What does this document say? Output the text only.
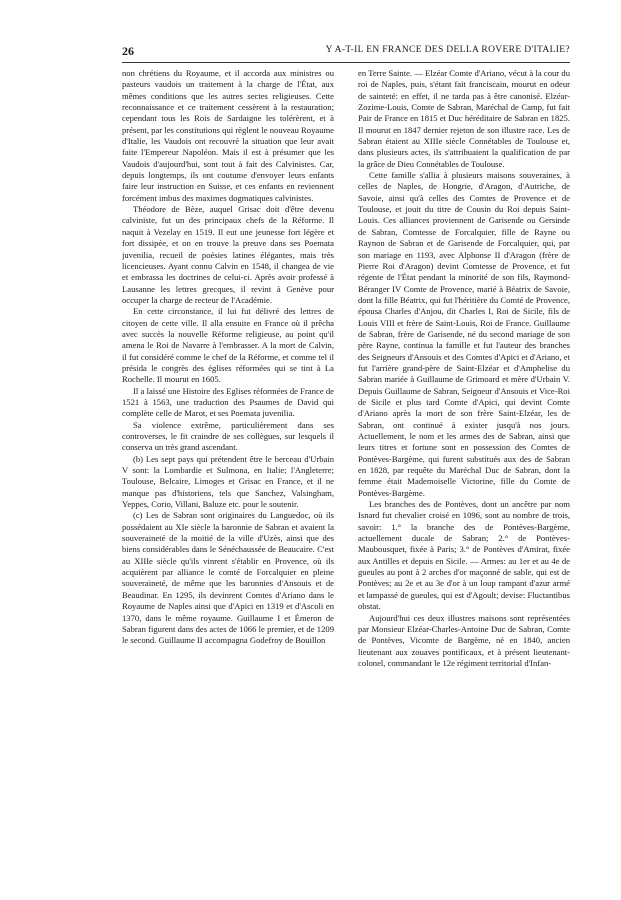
26	Y A-T-IL EN FRANCE DES DELLA ROVERE D'ITALIE?

non chrétiens du Royaume, et il accorda aux ministres ou pasteurs vaudois un traitement à la charge de l'État, aux mêmes conditions que les autres sectes religieuses. Cette reconnaissance et ce traitement cessèrent à la restauration; cependant tous les Rois de Sardaigne les tolérèrent, et à présent, par les constitutions qui règlent le nouveau Royaume d'Italie, les Vaudois ont recouvré la situation que leur avait faite l'Empereur Napoléon. Mais il est à présumer que les Vaudois d'aujourd'hui, sont tout à fait des Calvinistes. Car, depuis longtemps, ils ont coutume d'envoyer leurs enfants faire leur instruction en Suisse, et ces enfants en reviennent forcément imbus des maximes dogmatiques calvinistes.

Théodore de Bèze, auquel Grisac doit d'être devenu calviniste, fut un des principaux chefs de la Réforme. Il naquit à Vezelay en 1519. Il eut une jeunesse fort légère et fort dissipée, et on en trouve la preuve dans ses Poemata juvenilia, recueil de poésies latines élégantes, mais très licencieuses. Ayant connu Calvin en 1548, il changea de vie et embrassa les doctrines de celui-ci. Après avoir professé à Lausanne les lettres grecques, il revint à Genève pour occuper la charge de recteur de l'Académie.

En cette circonstance, il lui fut délivré des lettres de citoyen de cette ville. Il alla ensuite en France où il prêcha avec succès la nouvelle Réforme religieuse, au point qu'il amena le Roi de Navarre à l'embrasser. A la mort de Calvin, il fut considéré comme le chef de la Réforme, et comme tel il présida le congrès des églises réformées qui se tint à La Rochelle. Il mourut en 1605.

Il a laissé une Histoire des Eglises réformées de France de 1521 à 1563, une traduction des Psaumes de David qui complète celle de Marot, et ses Poemata juvenilia.

Sa violence extrême, particulièrement dans ses controverses, le fit craindre de ses collègues, sur lesquels il conserva un très grand ascendant.

(b) Les sept pays qui prétendent être le berceau d'Urbain V sont: la Lombardie et Sulmona, en Italie; l'Angleterre; Toulouse, Belcaire, Limoges et Grisac en France, et il ne manque pas d'historiens, tels que Sanchez, Valsingham, Yeppes, Corio, Villani, Baluze etc. pour le soutenir.

(c) Les de Sabran sont originaires du Languedoc, où ils possédaient au XIe siècle la baronnie de Sabran et avaient la souveraineté de la moitié de la ville d'Uzès, ainsi que des biens considérables dans le Sénéchaussée de Beaucaire. C'est au XIIIe siècle qu'ils vinrent s'établir en Provence, où ils acquièrent par alliance le comté de Forcalquier en pleine souveraineté, de même que les baronnies d'Ansouis et de Beaudinar. En 1295, ils devinrent Comtes d'Ariano dans le Royaume de Naples ainsi que d'Apici en 1319 et d'Ascoli en 1370, dans le même royaume. Guillaume I et Émeron de Sabran figurent dans des actes de 1066 le premier, et de 1209 le second. Guillaume II accompagna Godefroy de Bouillon

en Terre Sainte. — Elzéar Comte d'Ariano, vécut à la cour du roi de Naples, puis, s'étant fait franciscain, mourut en odeur de sainteté: en effet, il ne tarda pas à être canonisé. Elzéar-Zozime-Louis, Comte de Sabran, Maréchal de Camp, fut fait Pair de France en 1815 et Duc héréditaire de Sabran en 1825. Il mourut en 1847 dernier rejeton de son illustre race. Les de Sabran étaient au XIIIe siècle Connétables de Toulouse et, dans plusieurs actes, ils s'attribuaient la qualification de par la grâce de Dieu Connétables de Toulouse.

Cette famille s'allia à plusieurs maisons souveraines, à celles de Naples, de Hongrie, d'Aragon, d'Autriche, de Savoie, ainsi qu'à celles des Comtes de Provence et de Toulouse, et jouit du titre de Cousin du Roi depuis Saint-Louis. Ces alliances proviennent de Garisende ou Gersinde de Sabran, Comtesse de Forcalquier, fille de Rayne ou Raynon de Sabran et de Garisende de Forcalquier, qui, par son mariage en 1193, avec Alphonse II d'Aragon (frère de Pierre Roi d'Aragon) devint Comtesse de Provence, et fut régente de l'État pendant la minorité de son fils, Raymond-Béranger IV Comte de Provence, marié à Béatrix de Savoie, dont la fille Béatrix, qui fut l'héritière du Comté de Provence, épousa Charles d'Anjou, dit Charles I, Roi de Sicile, fils de Louis VIII et frère de Saint-Louis, Roi de France. Guillaume de Sabran, frère de Garisende, né du second mariage de son père Rayne, continua la famille et fut l'auteur des branches des Seigneurs d'Ansouis et des Comtes d'Apici et d'Ariano, et fut l'arrière grand-père de Saint-Elzéar et d'Amphelise du Sabran mariée à Guillaume de Grimoard et mère d'Urbain V. Depuis Guillaume de Sabran, Seigneur d'Ansouis et Vice-Roi de Sicile et plus tard Comte d'Apici, qui devint Comte d'Ariano après la mort de son frère Saint-Elzéar, les de Sabran, ont continué à exister jusqu'à nos jours. Actuellement, le nom et les armes des de Sabran, ainsi que leurs titres et fortune sont en possession des Comtes de Pontèves-Bargème, qui furent substitués aux des de Sabran en 1828, par requête du Maréchal Duc de Sabran, dont la femme était Mademoiselle Victorine, fille du Comte de Pontèves-Bargème.

Les branches des de Pontèves, dont un ancêtre par nom Isnard fut chevalier croisé en 1096, sont au nombre de trois, savoir: 1.° la branche des de Pontèves-Bargème, actuellement ducale de Sabran; 2.° de Pontèves-Maubousquet, fixée à Paris; 3.° de Pontèves d'Amirat, fixée aux Antilles et depuis en Sicile. — Armes: au 1er et au 4e de gueules au pont à 2 arches d'or maçonné de sable, qui est de Pontèves; au 2e et au 3e d'or à un loup rampant d'azur armé et lampassé de gueules, qui est d'Agoult; devise: Fluctantibus obstat.

Aujourd'hui ces deux illustres maisons sont représentées par Monsieur Elzéar-Charles-Antoine Duc de Sabran, Comte de Pontèves, Vicomte de Bargème, né en 1840, ancien lieutenant aux zouaves pontificaux, et à présent lieutenant-colonel, commandant le 12e régiment territorial d'Infan-
